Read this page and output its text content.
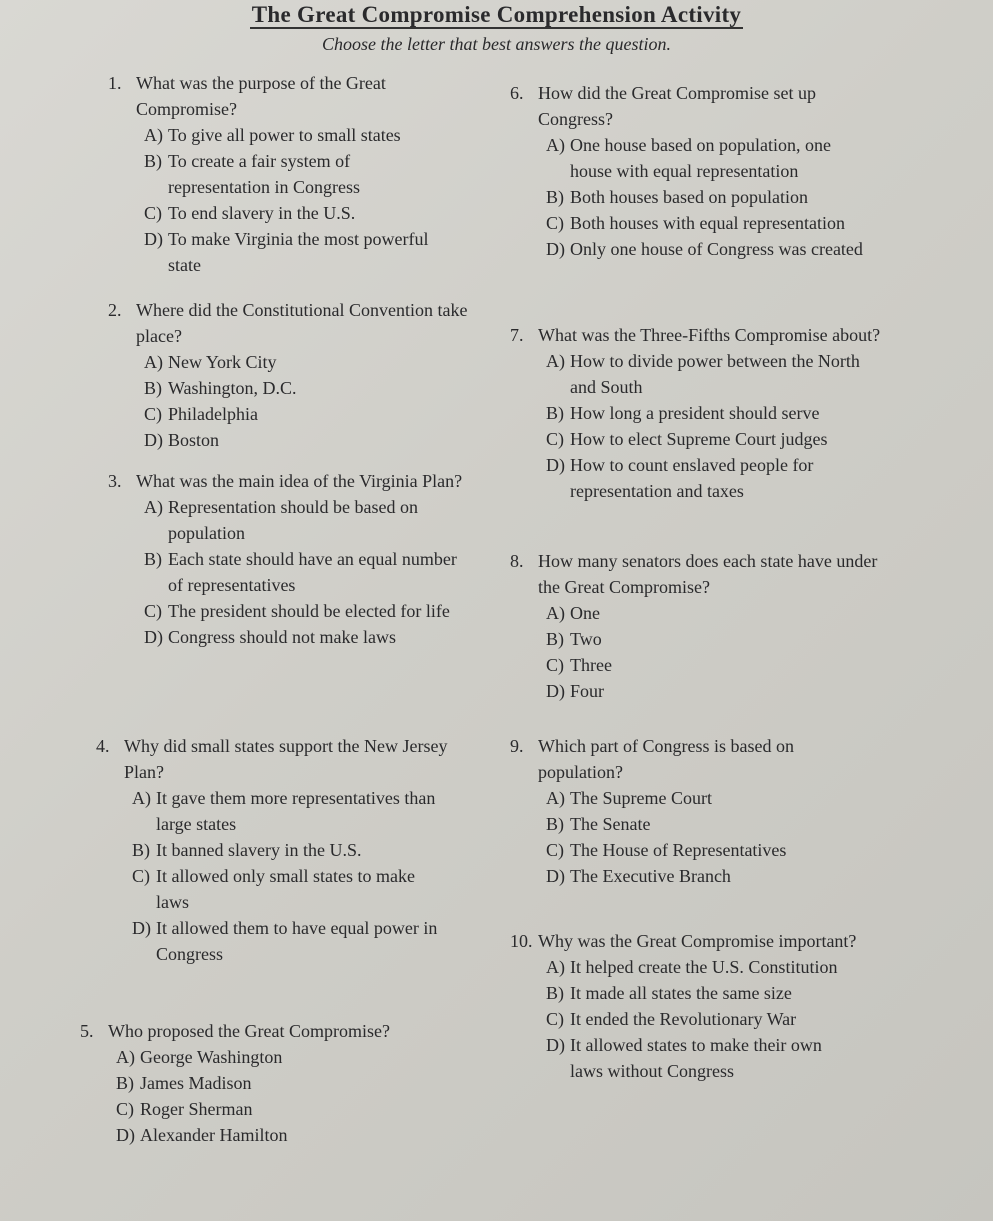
The Great Compromise Comprehension Activity
Choose the letter that best answers the question.
1. What was the purpose of the Great Compromise?
A) To give all power to small states
B) To create a fair system of representation in Congress
C) To end slavery in the U.S.
D) To make Virginia the most powerful state
2. Where did the Constitutional Convention take place?
A) New York City
B) Washington, D.C.
C) Philadelphia
D) Boston
3. What was the main idea of the Virginia Plan?
A) Representation should be based on population
B) Each state should have an equal number of representatives
C) The president should be elected for life
D) Congress should not make laws
4. Why did small states support the New Jersey Plan?
A) It gave them more representatives than large states
B) It banned slavery in the U.S.
C) It allowed only small states to make laws
D) It allowed them to have equal power in Congress
5. Who proposed the Great Compromise?
A) George Washington
B) James Madison
C) Roger Sherman
D) Alexander Hamilton
6. How did the Great Compromise set up Congress?
A) One house based on population, one house with equal representation
B) Both houses based on population
C) Both houses with equal representation
D) Only one house of Congress was created
7. What was the Three-Fifths Compromise about?
A) How to divide power between the North and South
B) How long a president should serve
C) How to elect Supreme Court judges
D) How to count enslaved people for representation and taxes
8. How many senators does each state have under the Great Compromise?
A) One
B) Two
C) Three
D) Four
9. Which part of Congress is based on population?
A) The Supreme Court
B) The Senate
C) The House of Representatives
D) The Executive Branch
10. Why was the Great Compromise important?
A) It helped create the U.S. Constitution
B) It made all states the same size
C) It ended the Revolutionary War
D) It allowed states to make their own laws without Congress
